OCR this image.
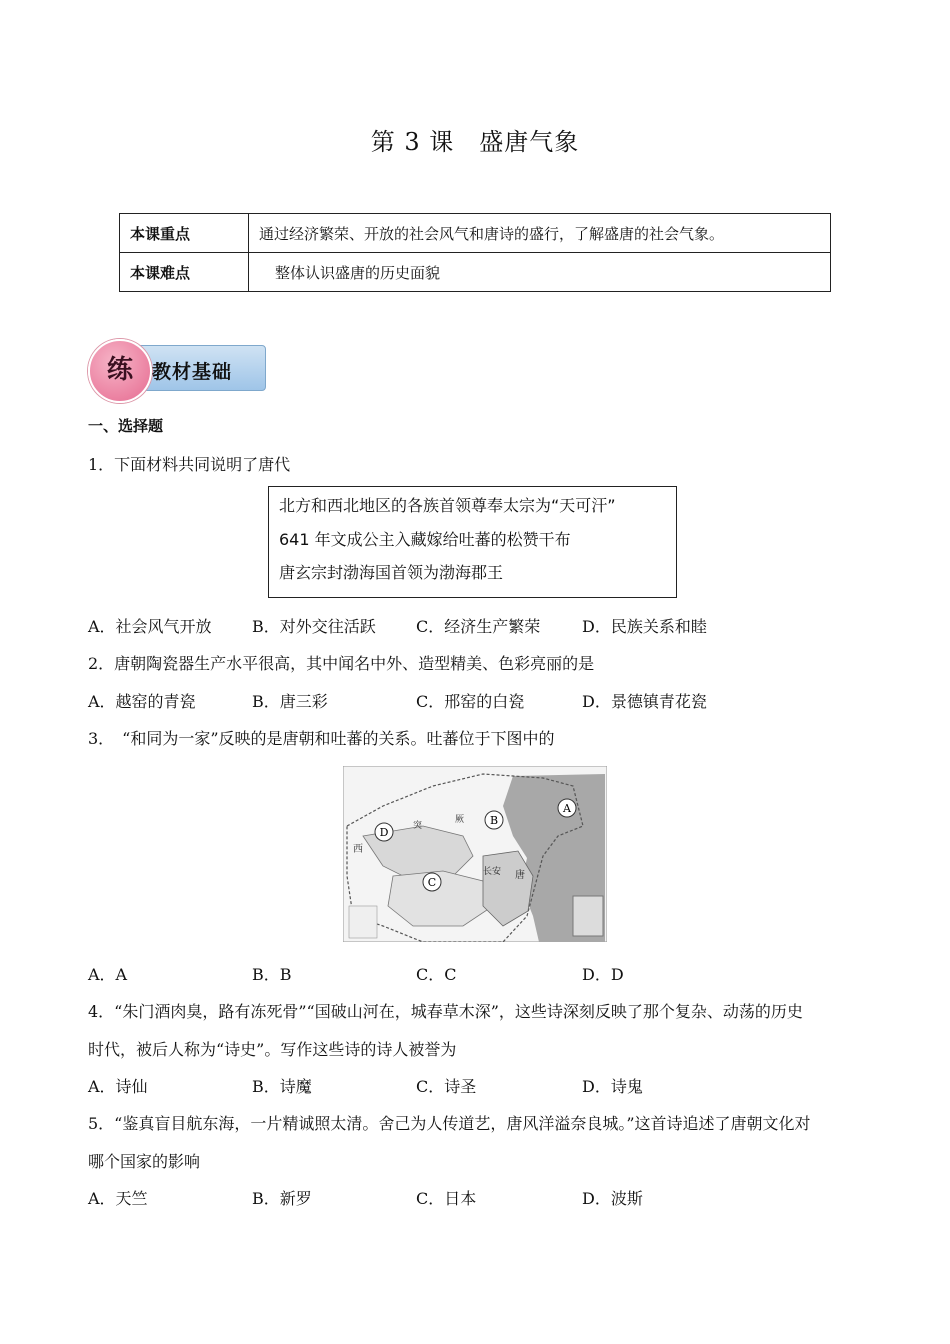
第 3 课　盛唐气象
本课重点	通过经济繁荣、开放的社会风气和唐诗的盛行，了解盛唐的社会气象。
本课难点	整体认识盛唐的历史面貌
练	教材基础
一、选择题
1．下面材料共同说明了唐代
北方和西北地区的各族首领尊奉太宗为“天可汗”
641 年文成公主入藏嫁给吐蕃的松赞干布
唐玄宗封渤海国首领为渤海郡王
A．社会风气开放	B．对外交往活跃	C．经济生产繁荣	D．民族关系和睦
2．唐朝陶瓷器生产水平很高，其中闻名中外、造型精美、色彩亮丽的是
A．越窑的青瓷	B．唐三彩	C．邢窑的白瓷	D．景德镇青花瓷
3．　“和同为一家”反映的是唐朝和吐蕃的关系。吐蕃位于下图中的
A
B
C
D	突
厥
西
长安 唐
A．A	B．B	C．C	D．D
4．“朱门酒肉臭，路有冻死骨”“国破山河在，城春草木深”，这些诗深刻反映了那个复杂、动荡的历史
时代，被后人称为“诗史”。写作这些诗的诗人被誉为
A．诗仙	B．诗魔	C．诗圣	D．诗鬼
5．“鉴真盲目航东海，一片精诚照太清。舍己为人传道艺，唐风洋溢奈良城。”这首诗追述了唐朝文化对
哪个国家的影响
A．天竺	B．新罗	C．日本	D．波斯
